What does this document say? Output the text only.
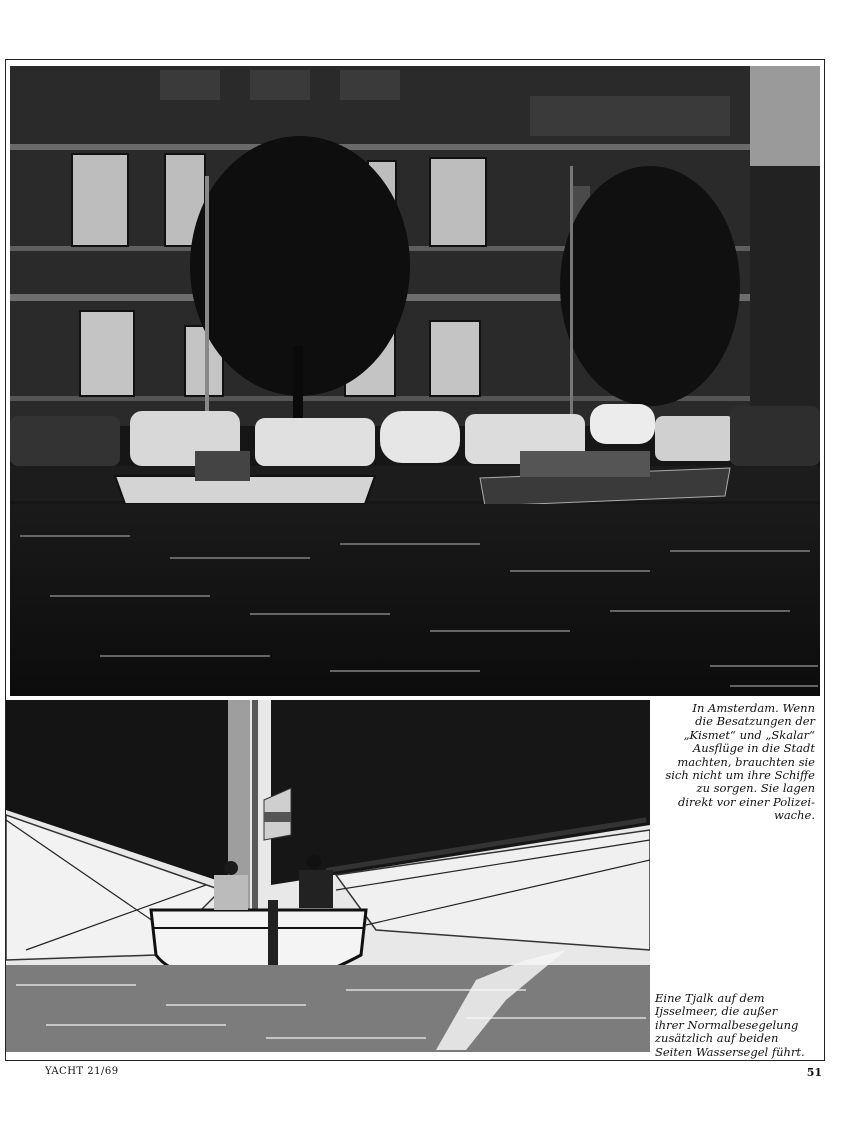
In Amsterdam. Wenn
die Besatzungen der
„Kismet“ und „Skalar“
Ausflüge in die Stadt
machten, brauchten sie
sich nicht um ihre Schiffe
zu sorgen. Sie lagen
direkt vor einer Polizei-
wache.
Eine Tjalk auf dem
Ijsselmeer, die außer
ihrer Normalbesegelung
zusätzlich auf beiden
Seiten Wassersegel führt.
YACHT 21/69	51
